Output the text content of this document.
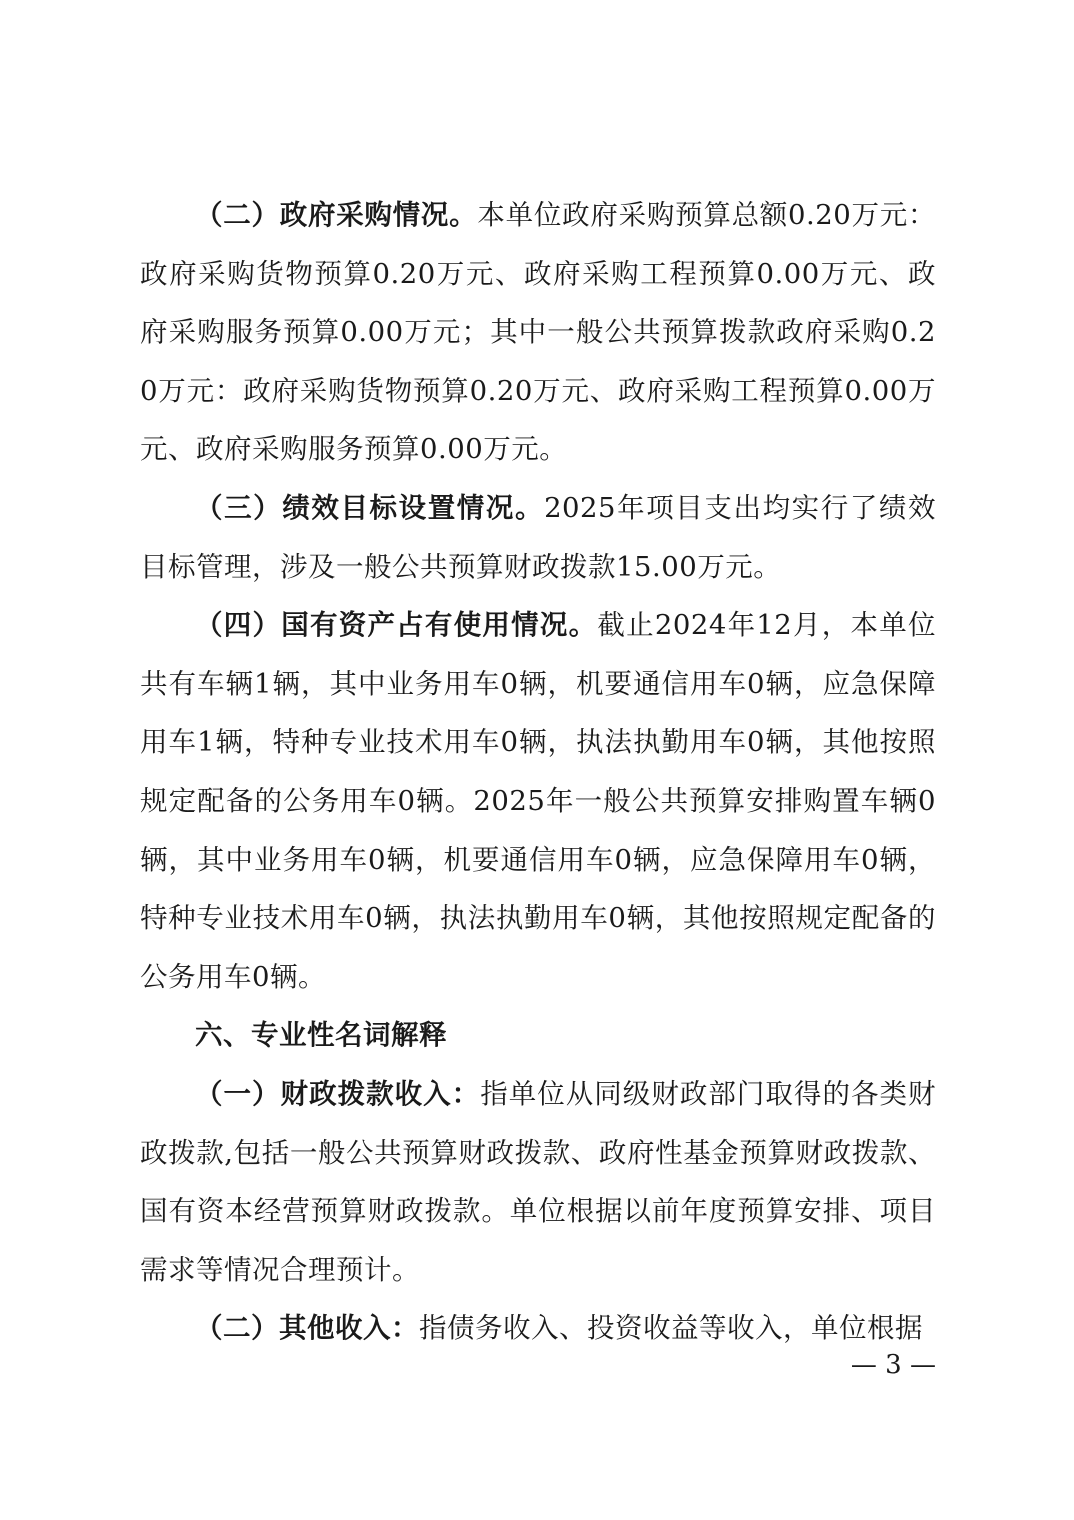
（二）政府采购情况。本单位政府采购预算总额0.20万元：政府采购货物预算0.20万元、政府采购工程预算0.00万元、政府采购服务预算0.00万元；其中一般公共预算拨款政府采购0.20万元：政府采购货物预算0.20万元、政府采购工程预算0.00万元、政府采购服务预算0.00万元。

（三）绩效目标设置情况。2025年项目支出均实行了绩效目标管理，涉及一般公共预算财政拨款15.00万元。

（四）国有资产占有使用情况。截止2024年12月，本单位共有车辆1辆，其中业务用车0辆，机要通信用车0辆，应急保障用车1辆，特种专业技术用车0辆，执法执勤用车0辆，其他按照规定配备的公务用车0辆。2025年一般公共预算安排购置车辆0辆，其中业务用车0辆，机要通信用车0辆，应急保障用车0辆，特种专业技术用车0辆，执法执勤用车0辆，其他按照规定配备的公务用车0辆。

六、专业性名词解释

（一）财政拨款收入：指单位从同级财政部门取得的各类财政拨款,包括一般公共预算财政拨款、政府性基金预算财政拨款、国有资本经营预算财政拨款。单位根据以前年度预算安排、项目需求等情况合理预计。

（二）其他收入：指债务收入、投资收益等收入，单位根据

— 3 —
